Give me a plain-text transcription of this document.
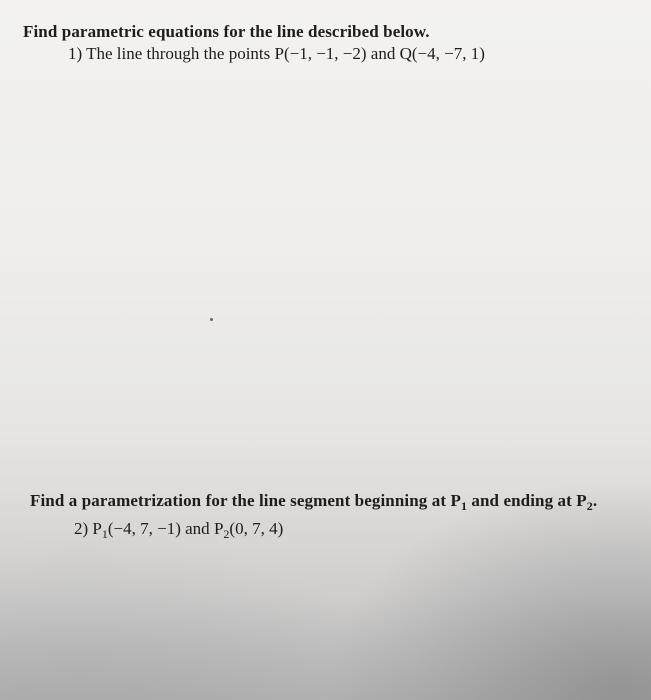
Find parametric equations for the line described below.

1) The line through the points P(−1, −1, −2) and Q(−4, −7, 1)

Find a parametrization for the line segment beginning at $P_1$ and ending at $P_2$.

2) $P_1(-4$, 7, −1) and $P_2(0$, 7, 4)
